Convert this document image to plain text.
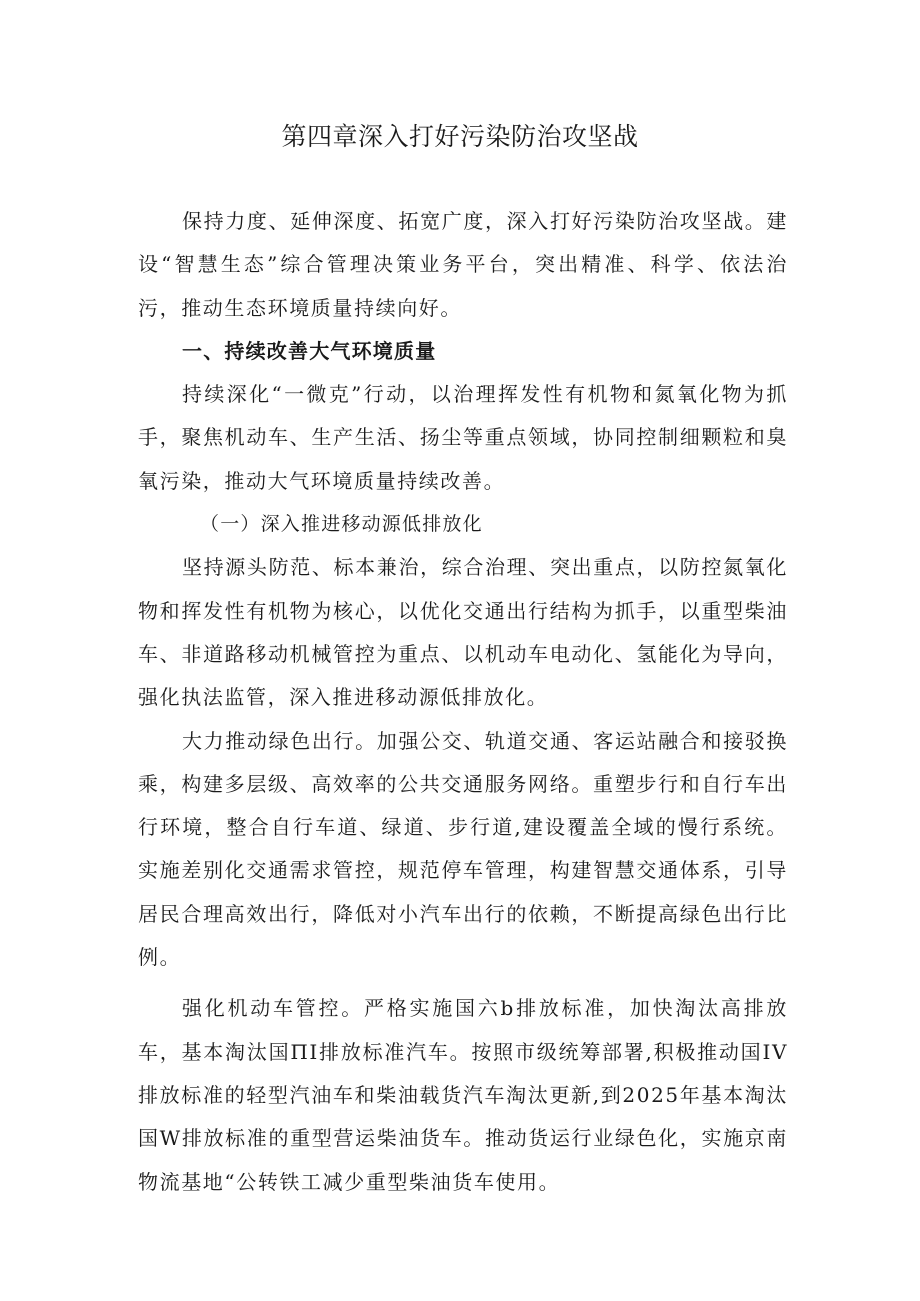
第四章深入打好污染防治攻坚战

保持力度、延伸深度、拓宽广度，深入打好污染防治攻坚战。建设“智慧生态”综合管理决策业务平台，突出精准、科学、依法治污，推动生态环境质量持续向好。

一、持续改善大气环境质量

持续深化“一微克”行动，以治理挥发性有机物和氮氧化物为抓手，聚焦机动车、生产生活、扬尘等重点领域，协同控制细颗粒和臭氧污染，推动大气环境质量持续改善。

（一）深入推进移动源低排放化

坚持源头防范、标本兼治，综合治理、突出重点，以防控氮氧化物和挥发性有机物为核心，以优化交通出行结构为抓手，以重型柴油车、非道路移动机械管控为重点、以机动车电动化、氢能化为导向，强化执法监管，深入推进移动源低排放化。

大力推动绿色出行。加强公交、轨道交通、客运站融合和接驳换乘，构建多层级、高效率的公共交通服务网络。重塑步行和自行车出行环境，整合自行车道、绿道、步行道,建设覆盖全域的慢行系统。实施差别化交通需求管控，规范停车管理，构建智慧交通体系，引导居民合理高效出行，降低对小汽车出行的依赖，不断提高绿色出行比例。

强化机动车管控。严格实施国六b排放标准，加快淘汰高排放车，基本淘汰国ΠI排放标准汽车。按照市级统筹部署,积极推动国IV排放标准的轻型汽油车和柴油载货汽车淘汰更新,到2025年基本淘汰国W排放标准的重型营运柴油货车。推动货运行业绿色化，实施京南物流基地“公转铁工减少重型柴油货车使用。
